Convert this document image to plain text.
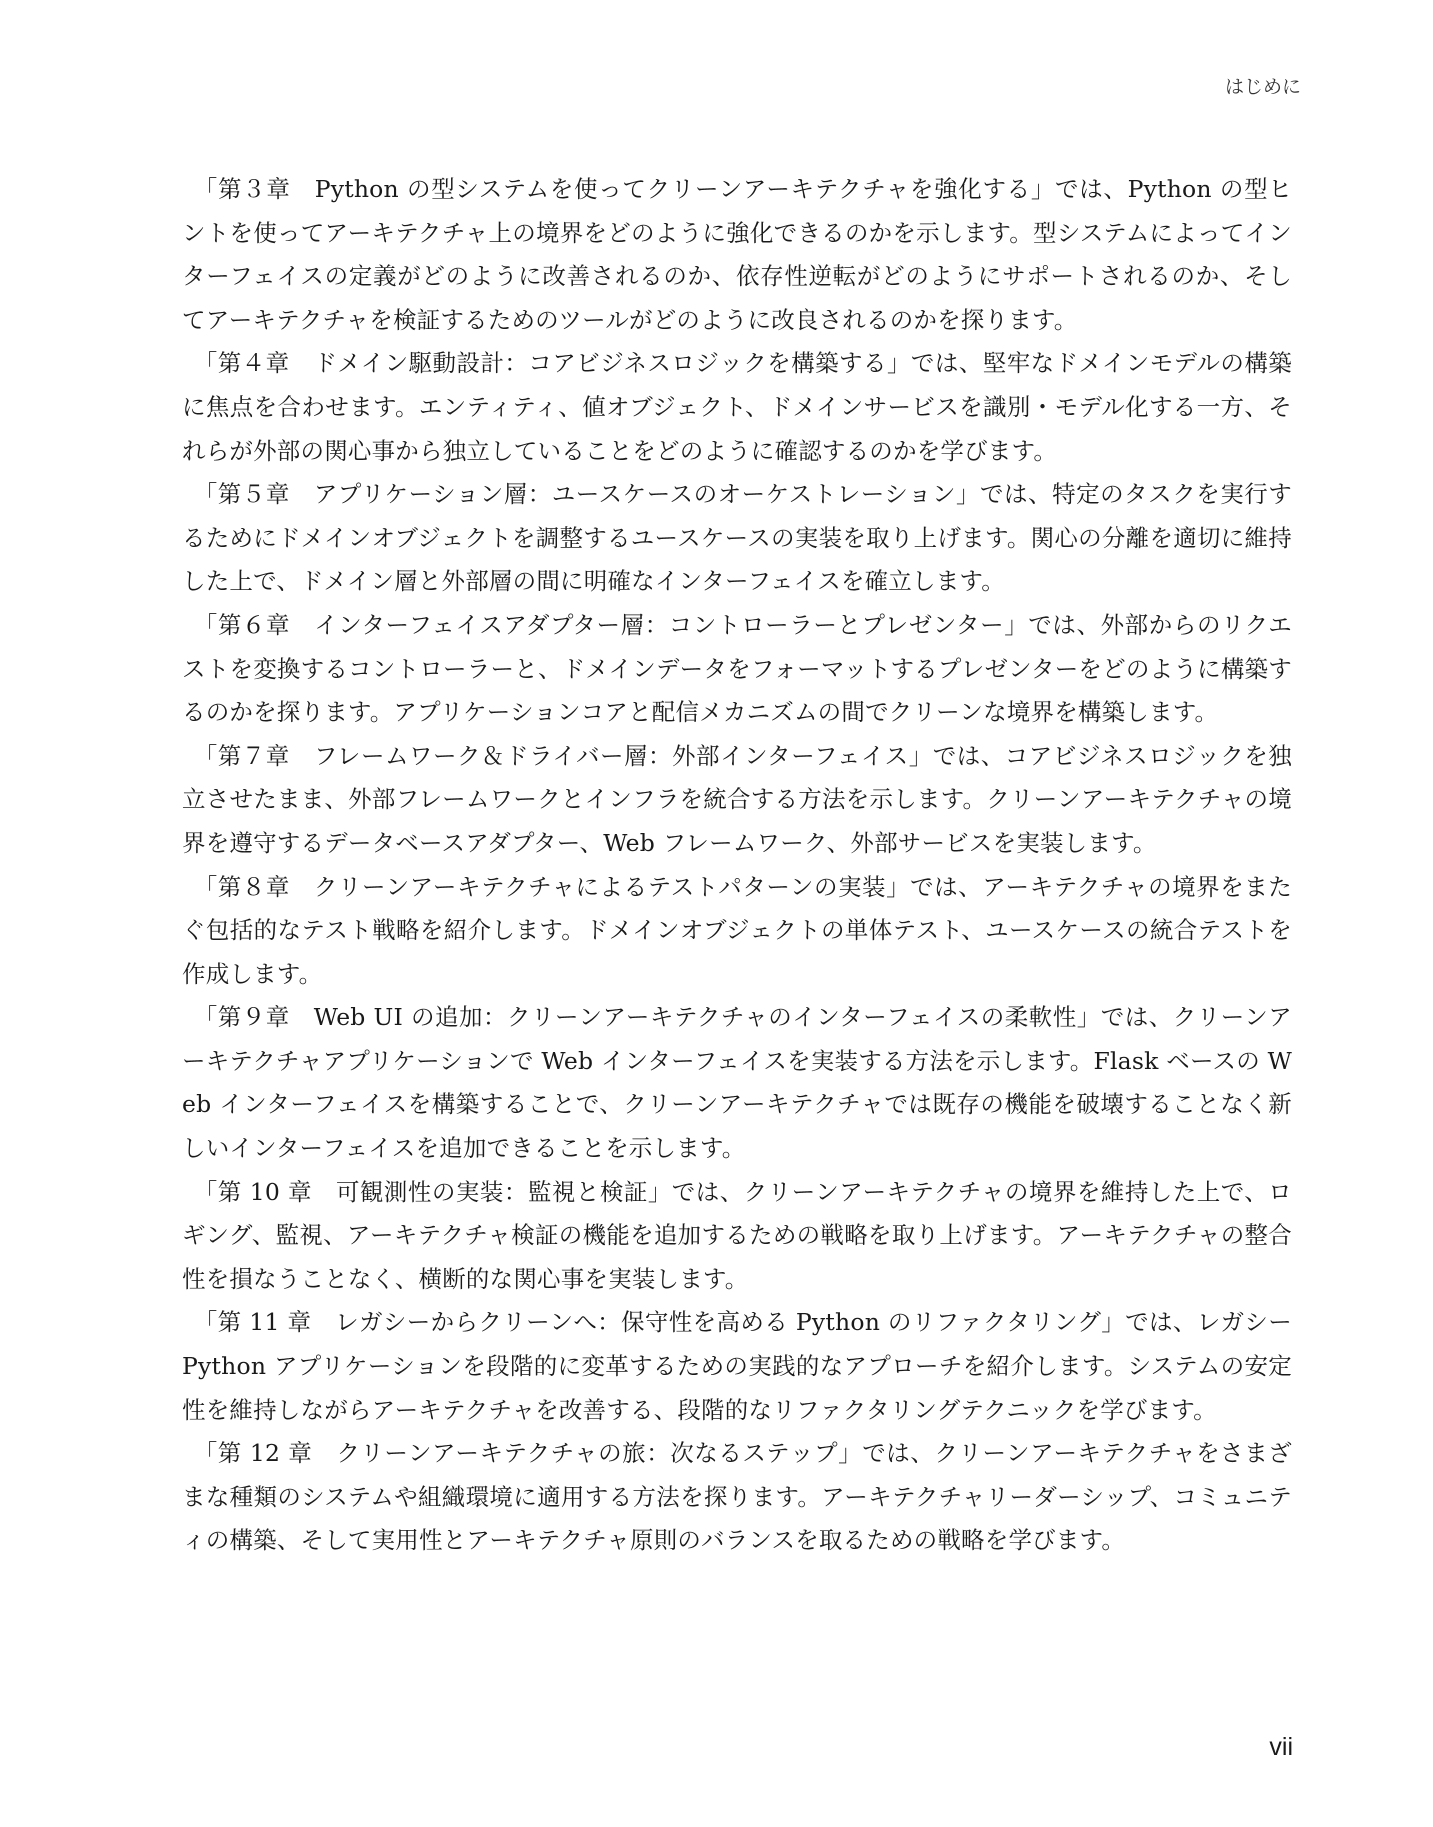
はじめに

「第３章　Python の型システムを使ってクリーンアーキテクチャを強化する」では、Python の型ヒントを使ってアーキテクチャ上の境界をどのように強化できるのかを示します。型システムによってインターフェイスの定義がどのように改善されるのか、依存性逆転がどのようにサポートされるのか、そしてアーキテクチャを検証するためのツールがどのように改良されるのかを探ります。

「第４章　ドメイン駆動設計：コアビジネスロジックを構築する」では、堅牢なドメインモデルの構築に焦点を合わせます。エンティティ、値オブジェクト、ドメインサービスを識別・モデル化する一方、それらが外部の関心事から独立していることをどのように確認するのかを学びます。

「第５章　アプリケーション層：ユースケースのオーケストレーション」では、特定のタスクを実行するためにドメインオブジェクトを調整するユースケースの実装を取り上げます。関心の分離を適切に維持した上で、ドメイン層と外部層の間に明確なインターフェイスを確立します。

「第６章　インターフェイスアダプター層：コントローラーとプレゼンター」では、外部からのリクエストを変換するコントローラーと、ドメインデータをフォーマットするプレゼンターをどのように構築するのかを探ります。アプリケーションコアと配信メカニズムの間でクリーンな境界を構築します。

「第７章　フレームワーク＆ドライバー層：外部インターフェイス」では、コアビジネスロジックを独立させたまま、外部フレームワークとインフラを統合する方法を示します。クリーンアーキテクチャの境界を遵守するデータベースアダプター、Web フレームワーク、外部サービスを実装します。

「第８章　クリーンアーキテクチャによるテストパターンの実装」では、アーキテクチャの境界をまたぐ包括的なテスト戦略を紹介します。ドメインオブジェクトの単体テスト、ユースケースの統合テストを作成します。

「第９章　Web UI の追加：クリーンアーキテクチャのインターフェイスの柔軟性」では、クリーンアーキテクチャアプリケーションで Web インターフェイスを実装する方法を示します。Flask ベースの Web インターフェイスを構築することで、クリーンアーキテクチャでは既存の機能を破壊することなく新しいインターフェイスを追加できることを示します。

「第 10 章　可観測性の実装：監視と検証」では、クリーンアーキテクチャの境界を維持した上で、ロギング、監視、アーキテクチャ検証の機能を追加するための戦略を取り上げます。アーキテクチャの整合性を損なうことなく、横断的な関心事を実装します。

「第 11 章　レガシーからクリーンへ：保守性を高める Python のリファクタリング」では、レガシー Python アプリケーションを段階的に変革するための実践的なアプローチを紹介します。システムの安定性を維持しながらアーキテクチャを改善する、段階的なリファクタリングテクニックを学びます。

「第 12 章　クリーンアーキテクチャの旅：次なるステップ」では、クリーンアーキテクチャをさまざまな種類のシステムや組織環境に適用する方法を探ります。アーキテクチャリーダーシップ、コミュニティの構築、そして実用性とアーキテクチャ原則のバランスを取るための戦略を学びます。

vii
